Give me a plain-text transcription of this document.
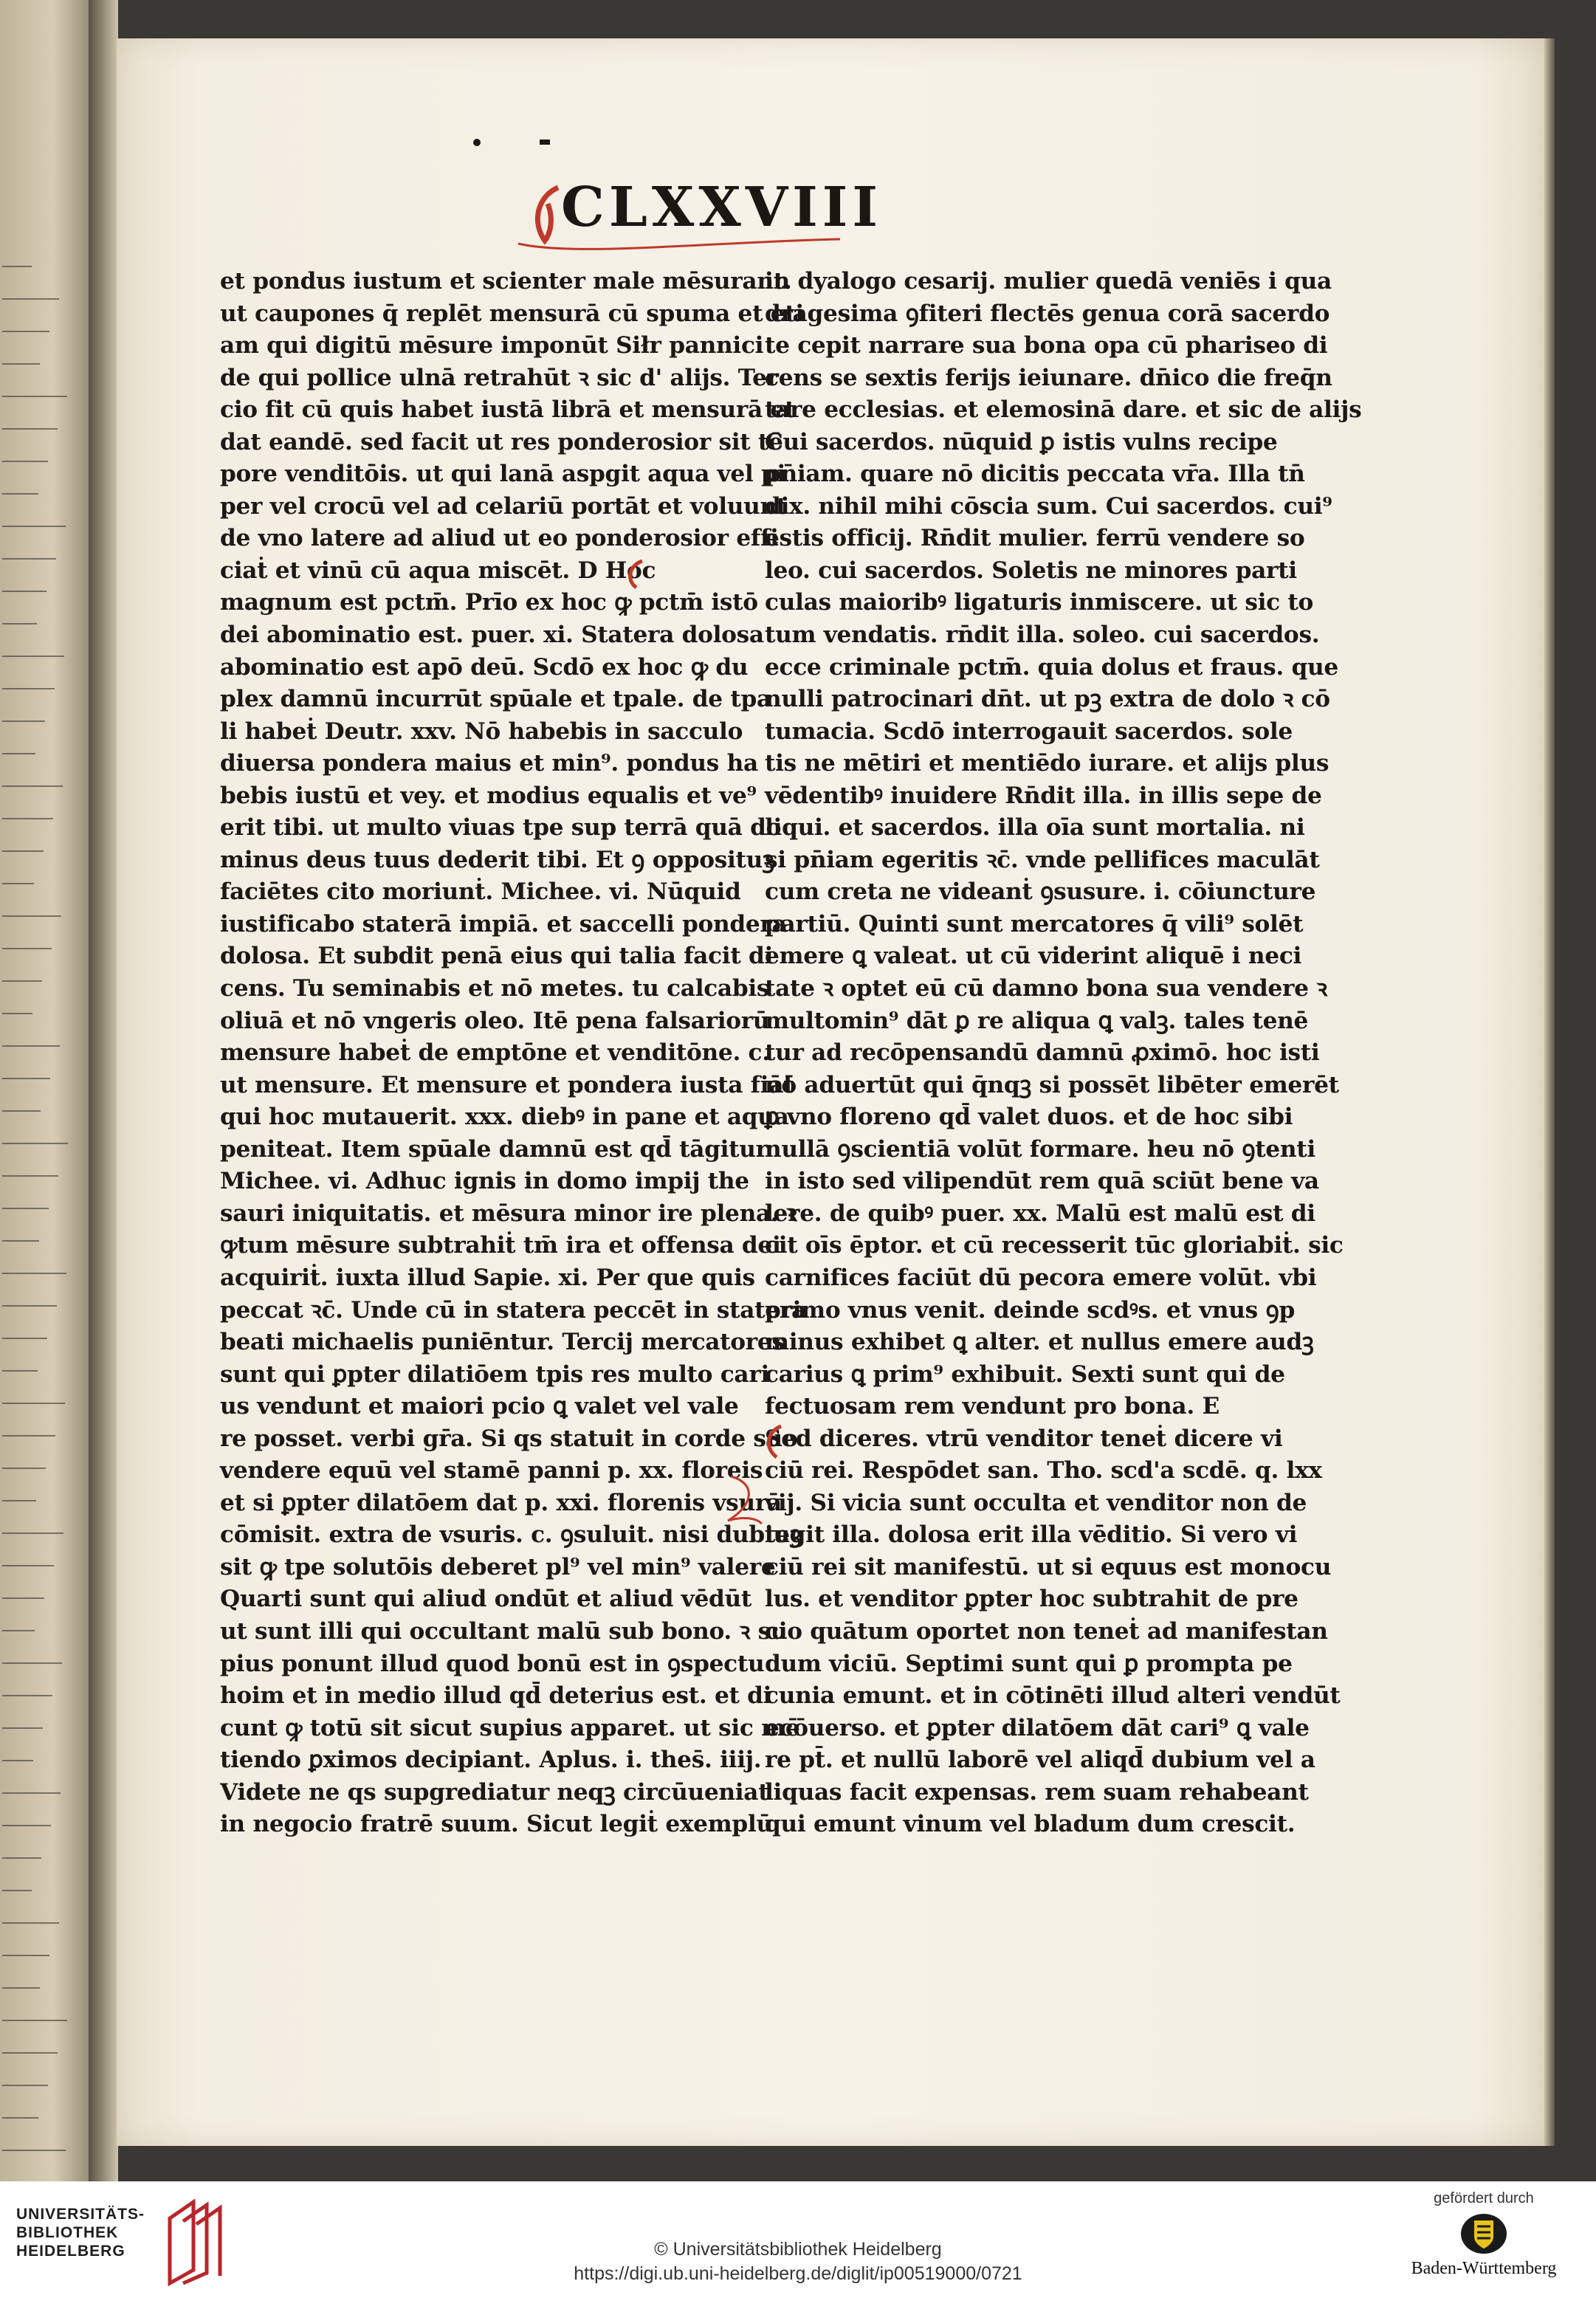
CLXXVIII
et pondus iustum et scienter male mēsurant.
ut caupones q̄ replēt mensurā cū spuma et eti
am qui digitū mēsure imponūt Siłr pannici
de qui pollice ulnā retrahūt ꝛ sic d' alijs. Ter
cio fit cū quis habet iustā librā et mensurā et
dat eandē. sed facit ut res ponderosior sit tē
pore venditōis. ut qui lanā aspgit aqua vel pi
per vel crocū vel ad celariū portāt et voluunt
de vno latere ad aliud ut eo ponderosior effi
ciaṫ et vinū cū aqua miscēt. D Hoc
magnum est pctm̄. Prīo ex hoc ꝙ pctm̄ istō
dei abominatio est. puer. xi. Statera dolosa
abominatio est apō deū. Scdō ex hoc ꝙ du
plex damnū incurrūt spūale et tpale. de tpa
li habeṫ Deutr. xxv. Nō habebis in sacculo
diuersa pondera maius et min⁹. pondus ha
bebis iustū et vey. et modius equalis et ve⁹
erit tibi. ut multo viuas tpe sup terrā quā do
minus deus tuus dederit tibi. Et ꝯ opposituꝫ
faciētes cito moriunṫ. Michee. vi. Nūquid
iustificabo staterā impiā. et saccelli pondera
dolosa. Et subdit penā eius qui talia facit di
cens. Tu seminabis et nō metes. tu calcabis
oliuā et nō vngeris oleo. Itē pena falsariorū
mensure habeṫ de emptōne et venditōne. c.
ut mensure. Et mensure et pondera iusta fiāt
qui hoc mutauerit. xxx. diebꝰ in pane et aqua
peniteat. Item spūale damnū est qd̄ tāgitur
Michee. vi. Adhuc ignis in domo impij the
sauri iniquitatis. et mēsura minor ire plena. ꝛ
ꝙtum mēsure subtrahiṫ tm̄ ira et offensa dei
acquiriṫ. iuxta illud Sapie. xi. Per que quis
peccat ꝛc̄. Unde cū in statera peccēt in statera
beati michaelis puniēntur. Tercij mercatores
sunt qui ꝑpter dilatiōem tpis res multo cari
us vendunt et maiori pcio ꝗ valet vel vale
re posset. verbi gr̄a. Si qs statuit in corde suo
vendere equū vel stamē panni p. xx. floreis
et si ꝑpter dilatōem dat p. xxi. florenis vsurā
cōmisit. extra de vsuris. c. ꝯsuluit. nisi dubiuꝫ
sit ꝙ tpe solutōis deberet pl⁹ vel min⁹ valere
Quarti sunt qui aliud ondūt et aliud vēdūt
ut sunt illi qui occultant malū sub bono. ꝛ su
pius ponunt illud quod bonū est in ꝯspectu
hoim et in medio illud qd̄ deterius est. et di
cunt ꝙ totū sit sicut supius apparet. ut sic mē
tiendo ꝑximos decipiant. Aplus. i. thes̄. iiij.
Videte ne qs supgrediatur neqꝫ circūueniat
in negocio fratrē suum. Sicut legiṫ exemplū
in dyalogo cesarij. mulier quedā veniēs i qua
dragesima ꝯfiteri flectēs genua corā sacerdo
te cepit narrare sua bona opa cū phariseo di
cens se sextis ferijs ieiunare. dn̄ico die freq̄n
tare ecclesias. et elemosinā dare. et sic de alijs
Cui sacerdos. nūquid ꝑ istis vulns recipe
pn̄iam. quare nō dicitis peccata vr̄a. Illa tn̄
dix. nihil mihi cōscia sum. Cui sacerdos. cui⁹
estis officij. Rn̄dit mulier. ferrū vendere so
leo. cui sacerdos. Soletis ne minores parti
culas maioribꝰ ligaturis inmiscere. ut sic to
tum vendatis. rn̄dit illa. soleo. cui sacerdos.
ecce criminale pctm̄. quia dolus et fraus. que
nulli patrocinari dn̄t. ut pꝫ extra de dolo ꝛ cō
tumacia. Scdō interrogauit sacerdos. sole
tis ne mētiri et mentiēdo iurare. et alijs plus
vēdentibꝰ inuidere Rn̄dit illa. in illis sepe de
liqui. et sacerdos. illa oīa sunt mortalia. ni
si pn̄iam egeritis ꝛc̄. vnde pellifices maculāt
cum creta ne videanṫ ꝯsusure. i. cōiuncture
partiū. Quinti sunt mercatores q̄ vili⁹ solēt
emere ꝗ valeat. ut cū viderint aliquē i neci
tate ꝛ optet eū cū damno bona sua vendere ꝛ
multomin⁹ dāt ꝑ re aliqua ꝗ valꝫ. tales tenē
tur ad recōpensandū damnū ꝓximō. hoc isti
nō aduertūt qui q̄nqꝫ si possēt libēter emerēt
ꝑ vno floreno qd̄ valet duos. et de hoc sibi
nullā ꝯscientiā volūt formare. heu nō ꝯtenti
in isto sed vilipendūt rem quā sciūt bene va
lere. de quibꝰ puer. xx. Malū est malū est di
cit oīs ēptor. et cū recesserit tūc gloriabiṫ. sic
carnifices faciūt dū pecora emere volūt. vbi
primo vnus venit. deinde scdꝰs. et vnus ꝯp
minus exhibet ꝗ alter. et nullus emere audꝫ
carius ꝗ prim⁹ exhibuit. Sexti sunt qui de
fectuosam rem vendunt pro bona. E
Sed diceres. vtrū venditor teneṫ dicere vi
ciū rei. Respōdet san. Tho. scd'a scdē. q. lxx
vij. Si vicia sunt occulta et venditor non de
tegit illa. dolosa erit illa vēditio. Si vero vi
ciū rei sit manifestū. ut si equus est monocu
lus. et venditor ꝑpter hoc subtrahit de pre
cio quātum oportet non teneṫ ad manifestan
dum viciū. Septimi sunt qui ꝑ prompta pe
cunia emunt. et in cōtinēti illud alteri vendūt
ecōuerso. et ꝑpter dilatōem dāt cari⁹ ꝗ vale
re pt̄. et nullū laborē vel aliqd̄ dubium vel a
liquas facit expensas. rem suam rehabeant
qui emunt vinum vel bladum dum crescit.
UNIVERSITÄTS-
BIBLIOTHEK
HEIDELBERG	© Universitätsbibliothek Heidelberg
https://digi.ub.uni-heidelberg.de/diglit/ip00519000/0721
gefördert durch
Baden-Württemberg
